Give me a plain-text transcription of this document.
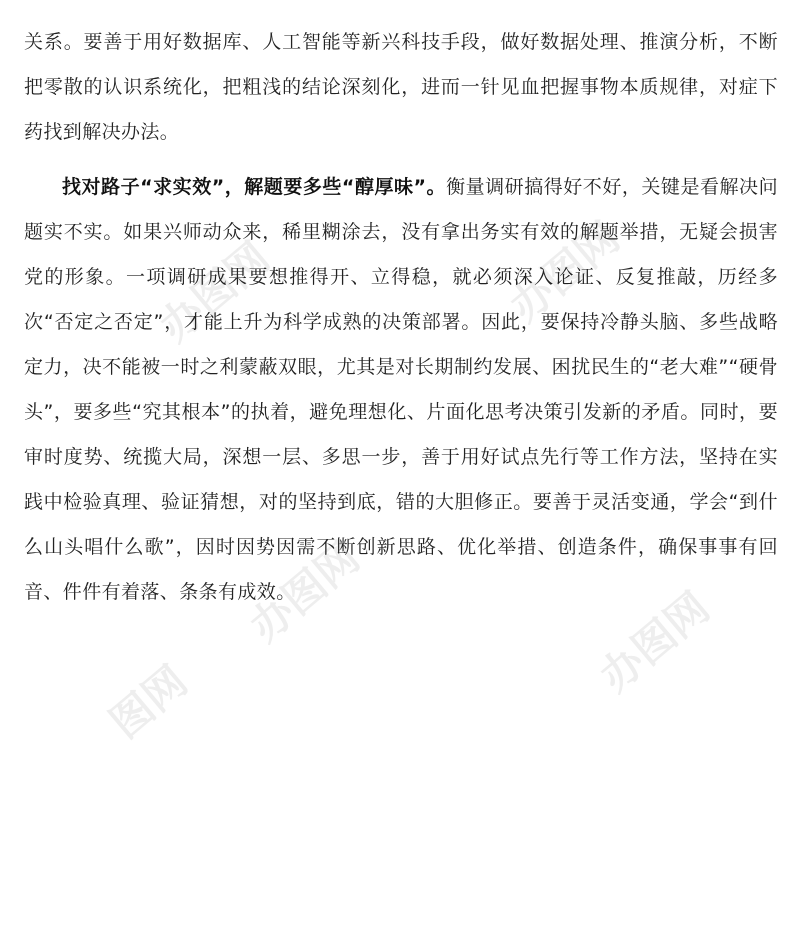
办图网	办图网
办图网	办图网
图网

关系。要善于用好数据库、人工智能等新兴科技手段，做好数据处理、推演分析，不断把零散的认识系统化，把粗浅的结论深刻化，进而一针见血把握事物本质规律，对症下药找到解决办法。

找对路子“求实效”，解题要多些“醇厚味”。衡量调研搞得好不好，关键是看解决问题实不实。如果兴师动众来，稀里糊涂去，没有拿出务实有效的解题举措，无疑会损害党的形象。一项调研成果要想推得开、立得稳，就必须深入论证、反复推敲，历经多次“否定之否定”，才能上升为科学成熟的决策部署。因此，要保持冷静头脑、多些战略定力，决不能被一时之利蒙蔽双眼，尤其是对长期制约发展、困扰民生的“老大难”“硬骨头”，要多些“究其根本”的执着，避免理想化、片面化思考决策引发新的矛盾。同时，要审时度势、统揽大局，深想一层、多思一步，善于用好试点先行等工作方法，坚持在实践中检验真理、验证猜想，对的坚持到底，错的大胆修正。要善于灵活变通，学会“到什么山头唱什么歌”，因时因势因需不断创新思路、优化举措、创造条件，确保事事有回音、件件有着落、条条有成效。
